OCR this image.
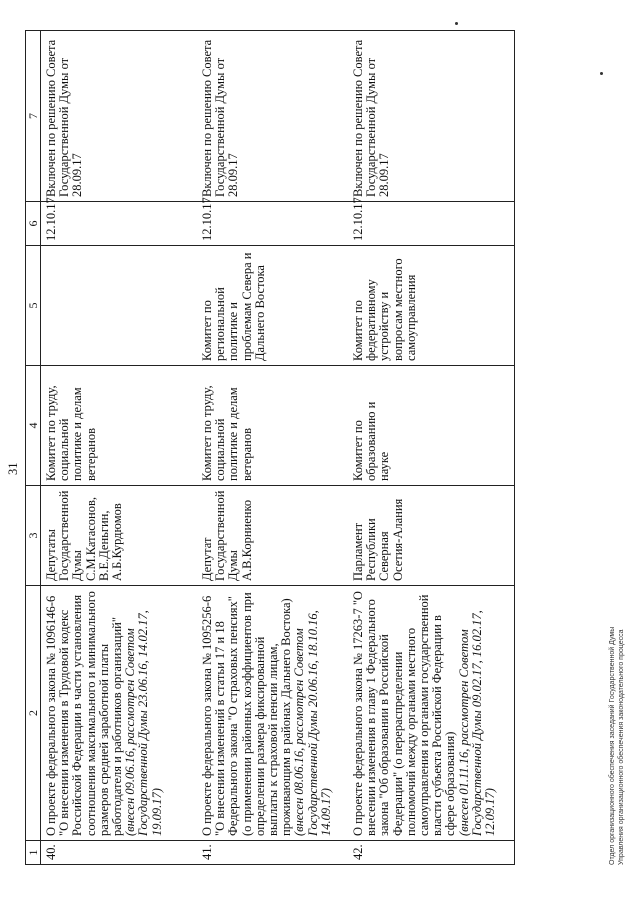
31
1	2	3	4	5	6	7
40.	О проекте федерального закона № 1096146-6 "О внесении изменения в Трудовой кодекс Российской Федерации в части установления соотношения максимального и минимального размеров средней заработной платы работодателя и работников организаций" (внесен 09.06.16, рассмотрен Советом Государственной Думы 23.06.16, 14.02.17, 19.09.17)	Депутаты Государственной Думы С.М.Катасонов, В.Е.Деньгин, А.Б.Курдюмов	Комитет по труду, социальной политике и делам ветеранов		12.10.17	Включен по решению Совета Государственной Думы от 28.09.17
41.	О проекте федерального закона № 1095256-6 "О внесении изменений в статьи 17 и 18 Федерального закона "О страховых пенсиях" (о применении районных коэффициентов при определении размера фиксированной выплаты к страховой пенсии лицам, проживающим в районах Дальнего Востока) (внесен 08.06.16, рассмотрен Советом Государственной Думы 20.06.16, 18.10.16, 14.09.17)	Депутат Государственной Думы А.В.Корниенко	Комитет по труду, социальной политике и делам ветеранов	Комитет по региональной политике и проблемам Севера и Дальнего Востока	12.10.17	Включен по решению Совета Государственной Думы от 28.09.17
42.	О проекте федерального закона № 17263-7 "О внесении изменения в главу 1 Федерального закона "Об образовании в Российской Федерации" (о перераспределении полномочий между органами местного самоуправления и органами государственной власти субъекта Российской Федерации в сфере образования) (внесен 01.11.16, рассмотрен Советом Государственной Думы 09.02.17, 16.02.17, 12.09.17)	Парламент Республики Северная Осетия-Алания	Комитет по образованию и науке	Комитет по федеративному устройству и вопросам местного самоуправления	12.10.17	Включен по решению Совета Государственной Думы от 28.09.17
Отдел организационного обеспечения заседаний Государственной Думы Управления организационного обеспечения законодательного процесса
